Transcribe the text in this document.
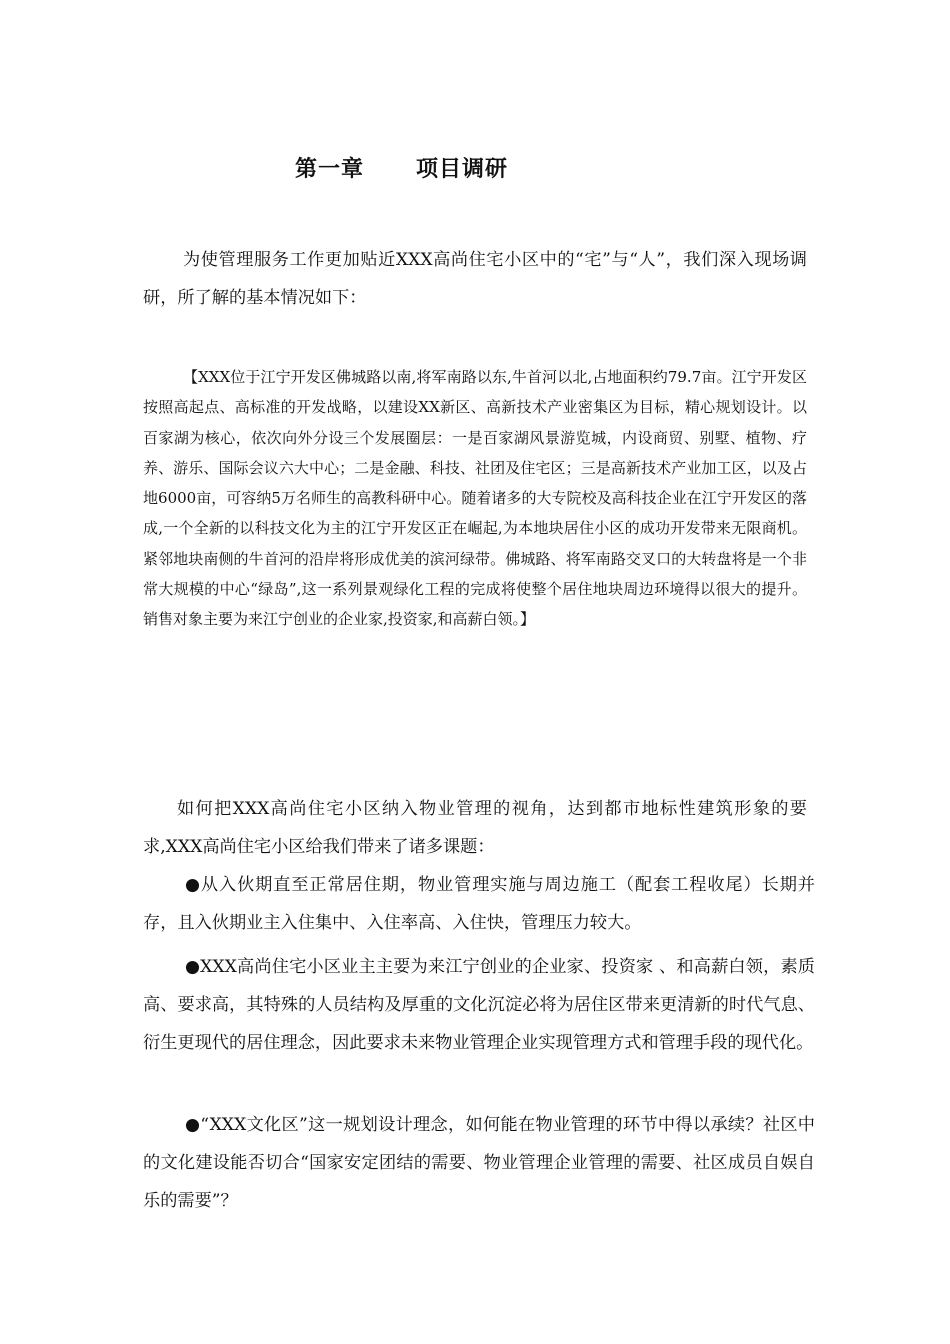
第一章 项目调研

为使管理服务工作更加贴近XXX高尚住宅小区中的“宅”与“人”，我们深入现场调研，所了解的基本情况如下：

【XXX位于江宁开发区佛城路以南,将军南路以东,牛首河以北,占地面积约79.7亩。江宁开发区按照高起点、高标准的开发战略，以建设XX新区、高新技术产业密集区为目标，精心规划设计。以百家湖为核心，依次向外分设三个发展圈层：一是百家湖风景游览城，内设商贸、别墅、植物、疗养、游乐、国际会议六大中心；二是金融、科技、社团及住宅区；三是高新技术产业加工区，以及占地6000亩，可容纳5万名师生的高教科研中心。随着诸多的大专院校及高科技企业在江宁开发区的落成,一个全新的以科技文化为主的江宁开发区正在崛起,为本地块居住小区的成功开发带来无限商机。紧邻地块南侧的牛首河的沿岸将形成优美的滨河绿带。佛城路、将军南路交叉口的大转盘将是一个非常大规模的中心“绿岛”,这一系列景观绿化工程的完成将使整个居住地块周边环境得以很大的提升。销售对象主要为来江宁创业的企业家,投资家,和高薪白领。】

如何把XXX高尚住宅小区纳入物业管理的视角，达到都市地标性建筑形象的要求,XXX高尚住宅小区给我们带来了诸多课题：

●从入伙期直至正常居住期，物业管理实施与周边施工（配套工程收尾）长期并存，且入伙期业主入住集中、入住率高、入住快，管理压力较大。

●XXX高尚住宅小区业主主要为来江宁创业的企业家、投资家 、和高薪白领，素质高、要求高，其特殊的人员结构及厚重的文化沉淀必将为居住区带来更清新的时代气息、衍生更现代的居住理念，因此要求未来物业管理企业实现管理方式和管理手段的现代化。

●“XXX文化区”这一规划设计理念，如何能在物业管理的环节中得以承续？社区中的文化建设能否切合“国家安定团结的需要、物业管理企业管理的需要、社区成员自娱自乐的需要”？
